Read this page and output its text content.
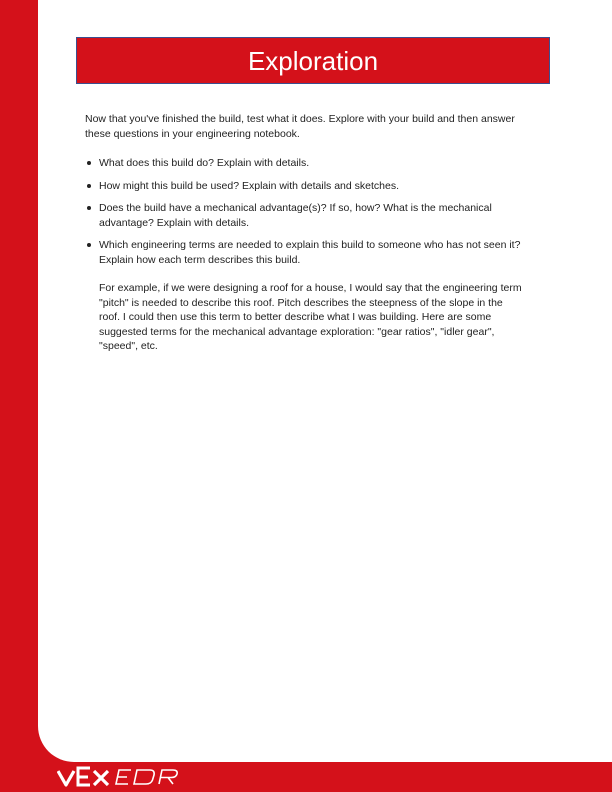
Exploration

Now that you've finished the build, test what it does. Explore with your build and then answer these questions in your engineering notebook.

What does this build do? Explain with details.
How might this build be used? Explain with details and sketches.
Does the build have a mechanical advantage(s)? If so, how? What is the mechanical advantage? Explain with details.
Which engineering terms are needed to explain this build to someone who has not seen it? Explain how each term describes this build.

For example, if we were designing a roof for a house, I would say that the engineering term "pitch" is needed to describe this roof. Pitch describes the steepness of the slope in the roof. I could then use this term to better describe what I was building. Here are some suggested terms for the mechanical advantage exploration: "gear ratios", "idler gear", "speed", etc.
